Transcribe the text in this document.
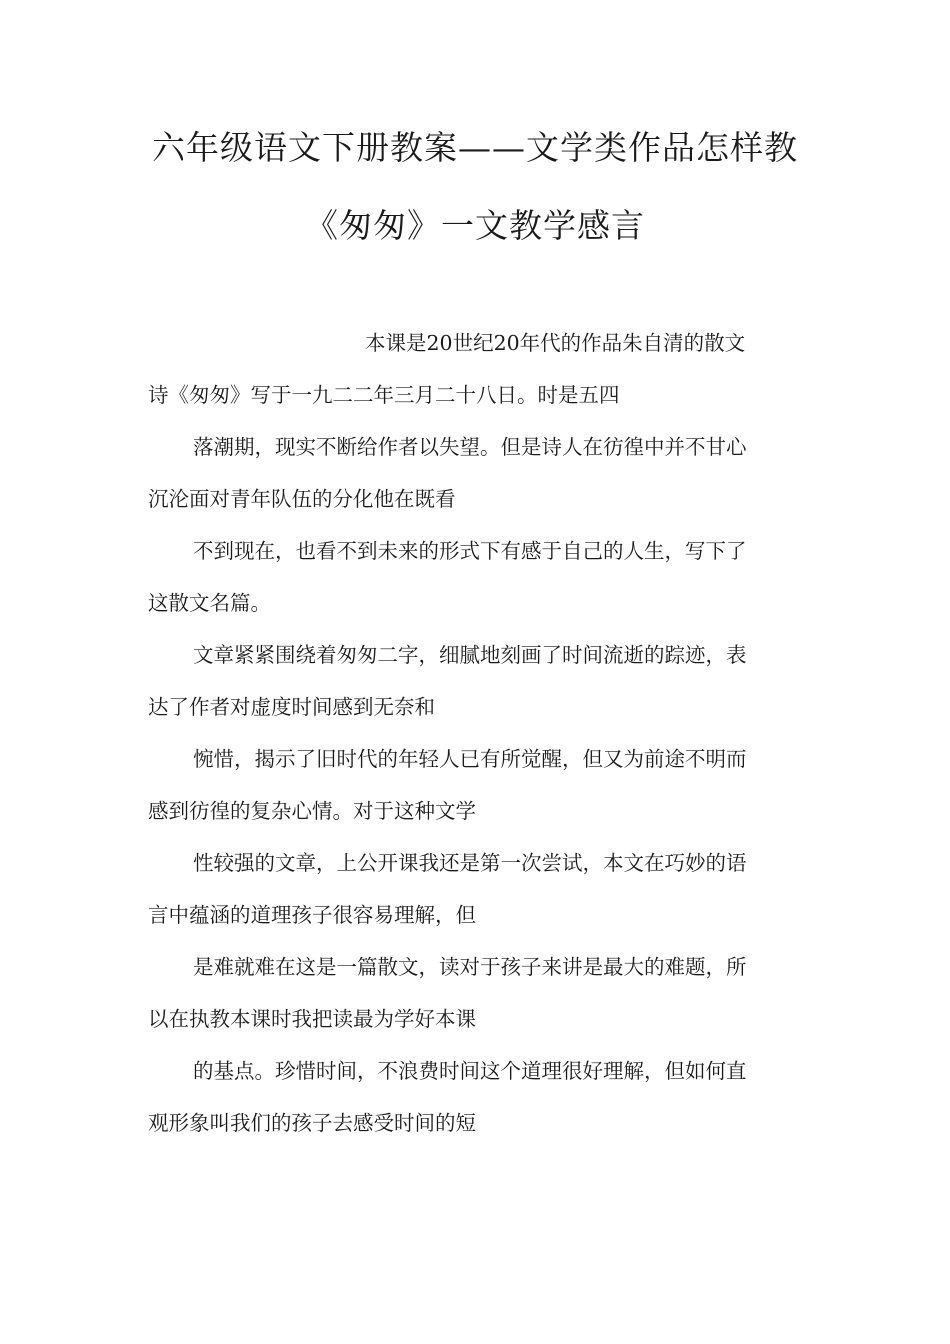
六年级语文下册教案——文学类作品怎样教
《匆匆》一文教学感言
本课是20世纪20年代的作品朱自清的散文
诗《匆匆》写于一九二二年三月二十八日。时是五四
落潮期，现实不断给作者以失望。但是诗人在彷徨中并不甘心
沉沦面对青年队伍的分化他在既看
不到现在，也看不到未来的形式下有感于自己的人生，写下了
这散文名篇。
文章紧紧围绕着匆匆二字，细腻地刻画了时间流逝的踪迹，表
达了作者对虚度时间感到无奈和
惋惜，揭示了旧时代的年轻人已有所觉醒，但又为前途不明而
感到彷徨的复杂心情。对于这种文学
性较强的文章，上公开课我还是第一次尝试，本文在巧妙的语
言中蕴涵的道理孩子很容易理解，但
是难就难在这是一篇散文，读对于孩子来讲是最大的难题，所
以在执教本课时我把读最为学好本课
的基点。珍惜时间，不浪费时间这个道理很好理解，但如何直
观形象叫我们的孩子去感受时间的短
